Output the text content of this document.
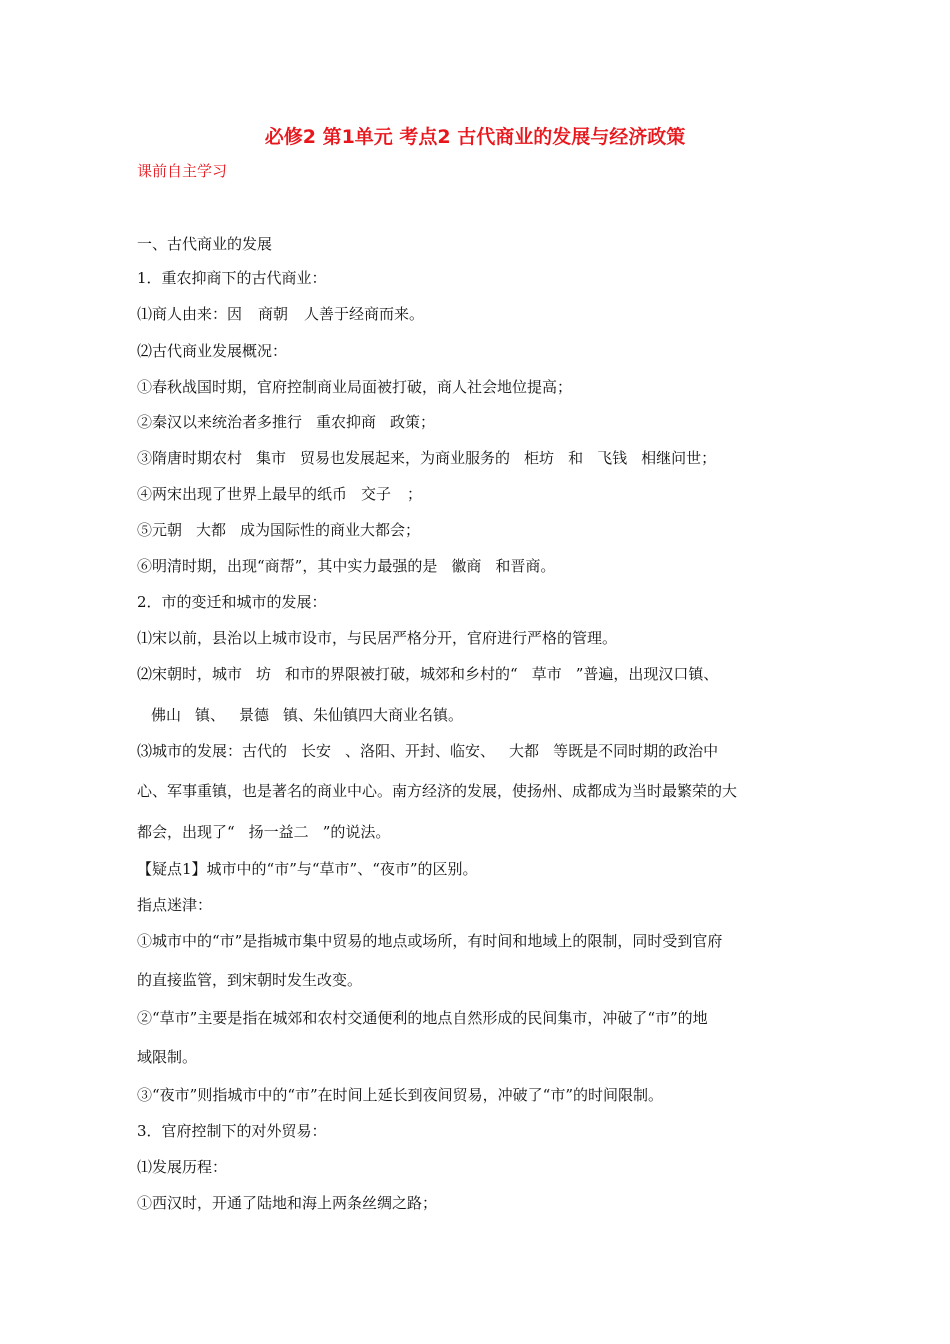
必修2 第1单元 考点2 古代商业的发展与经济政策
课前自主学习
一、古代商业的发展
1．重农抑商下的古代商业：
⑴商人由来：因 商朝 人善于经商而来。
⑵古代商业发展概况：
①春秋战国时期，官府控制商业局面被打破，商人社会地位提高；
②秦汉以来统治者多推行 重农抑商 政策；
③隋唐时期农村 集市 贸易也发展起来，为商业服务的 柜坊 和 飞钱 相继问世；
④两宋出现了世界上最早的纸币 交子 ；
⑤元朝 大都 成为国际性的商业大都会；
⑥明清时期，出现“商帮”，其中实力最强的是 徽商 和晋商。
2．市的变迁和城市的发展：
⑴宋以前，县治以上城市设市，与民居严格分开，官府进行严格的管理。
⑵宋朝时，城市 坊 和市的界限被打破，城郊和乡村的“ 草市 ”普遍，出现汉口镇、
佛山 镇、 景德 镇、朱仙镇四大商业名镇。
⑶城市的发展：古代的 长安 、洛阳、开封、临安、 大都 等既是不同时期的政治中
心、军事重镇，也是著名的商业中心。南方经济的发展，使扬州、成都成为当时最繁荣的大
都会，出现了“ 扬一益二 ”的说法。
【疑点1】城市中的“市”与“草市”、“夜市”的区别。
指点迷津：
①城市中的“市”是指城市集中贸易的地点或场所，有时间和地域上的限制，同时受到官府
的直接监管，到宋朝时发生改变。
②“草市”主要是指在城郊和农村交通便利的地点自然形成的民间集市，冲破了“市”的地
域限制。
③“夜市”则指城市中的“市”在时间上延长到夜间贸易，冲破了“市”的时间限制。
3．官府控制下的对外贸易：
⑴发展历程：
①西汉时，开通了陆地和海上两条丝绸之路；
